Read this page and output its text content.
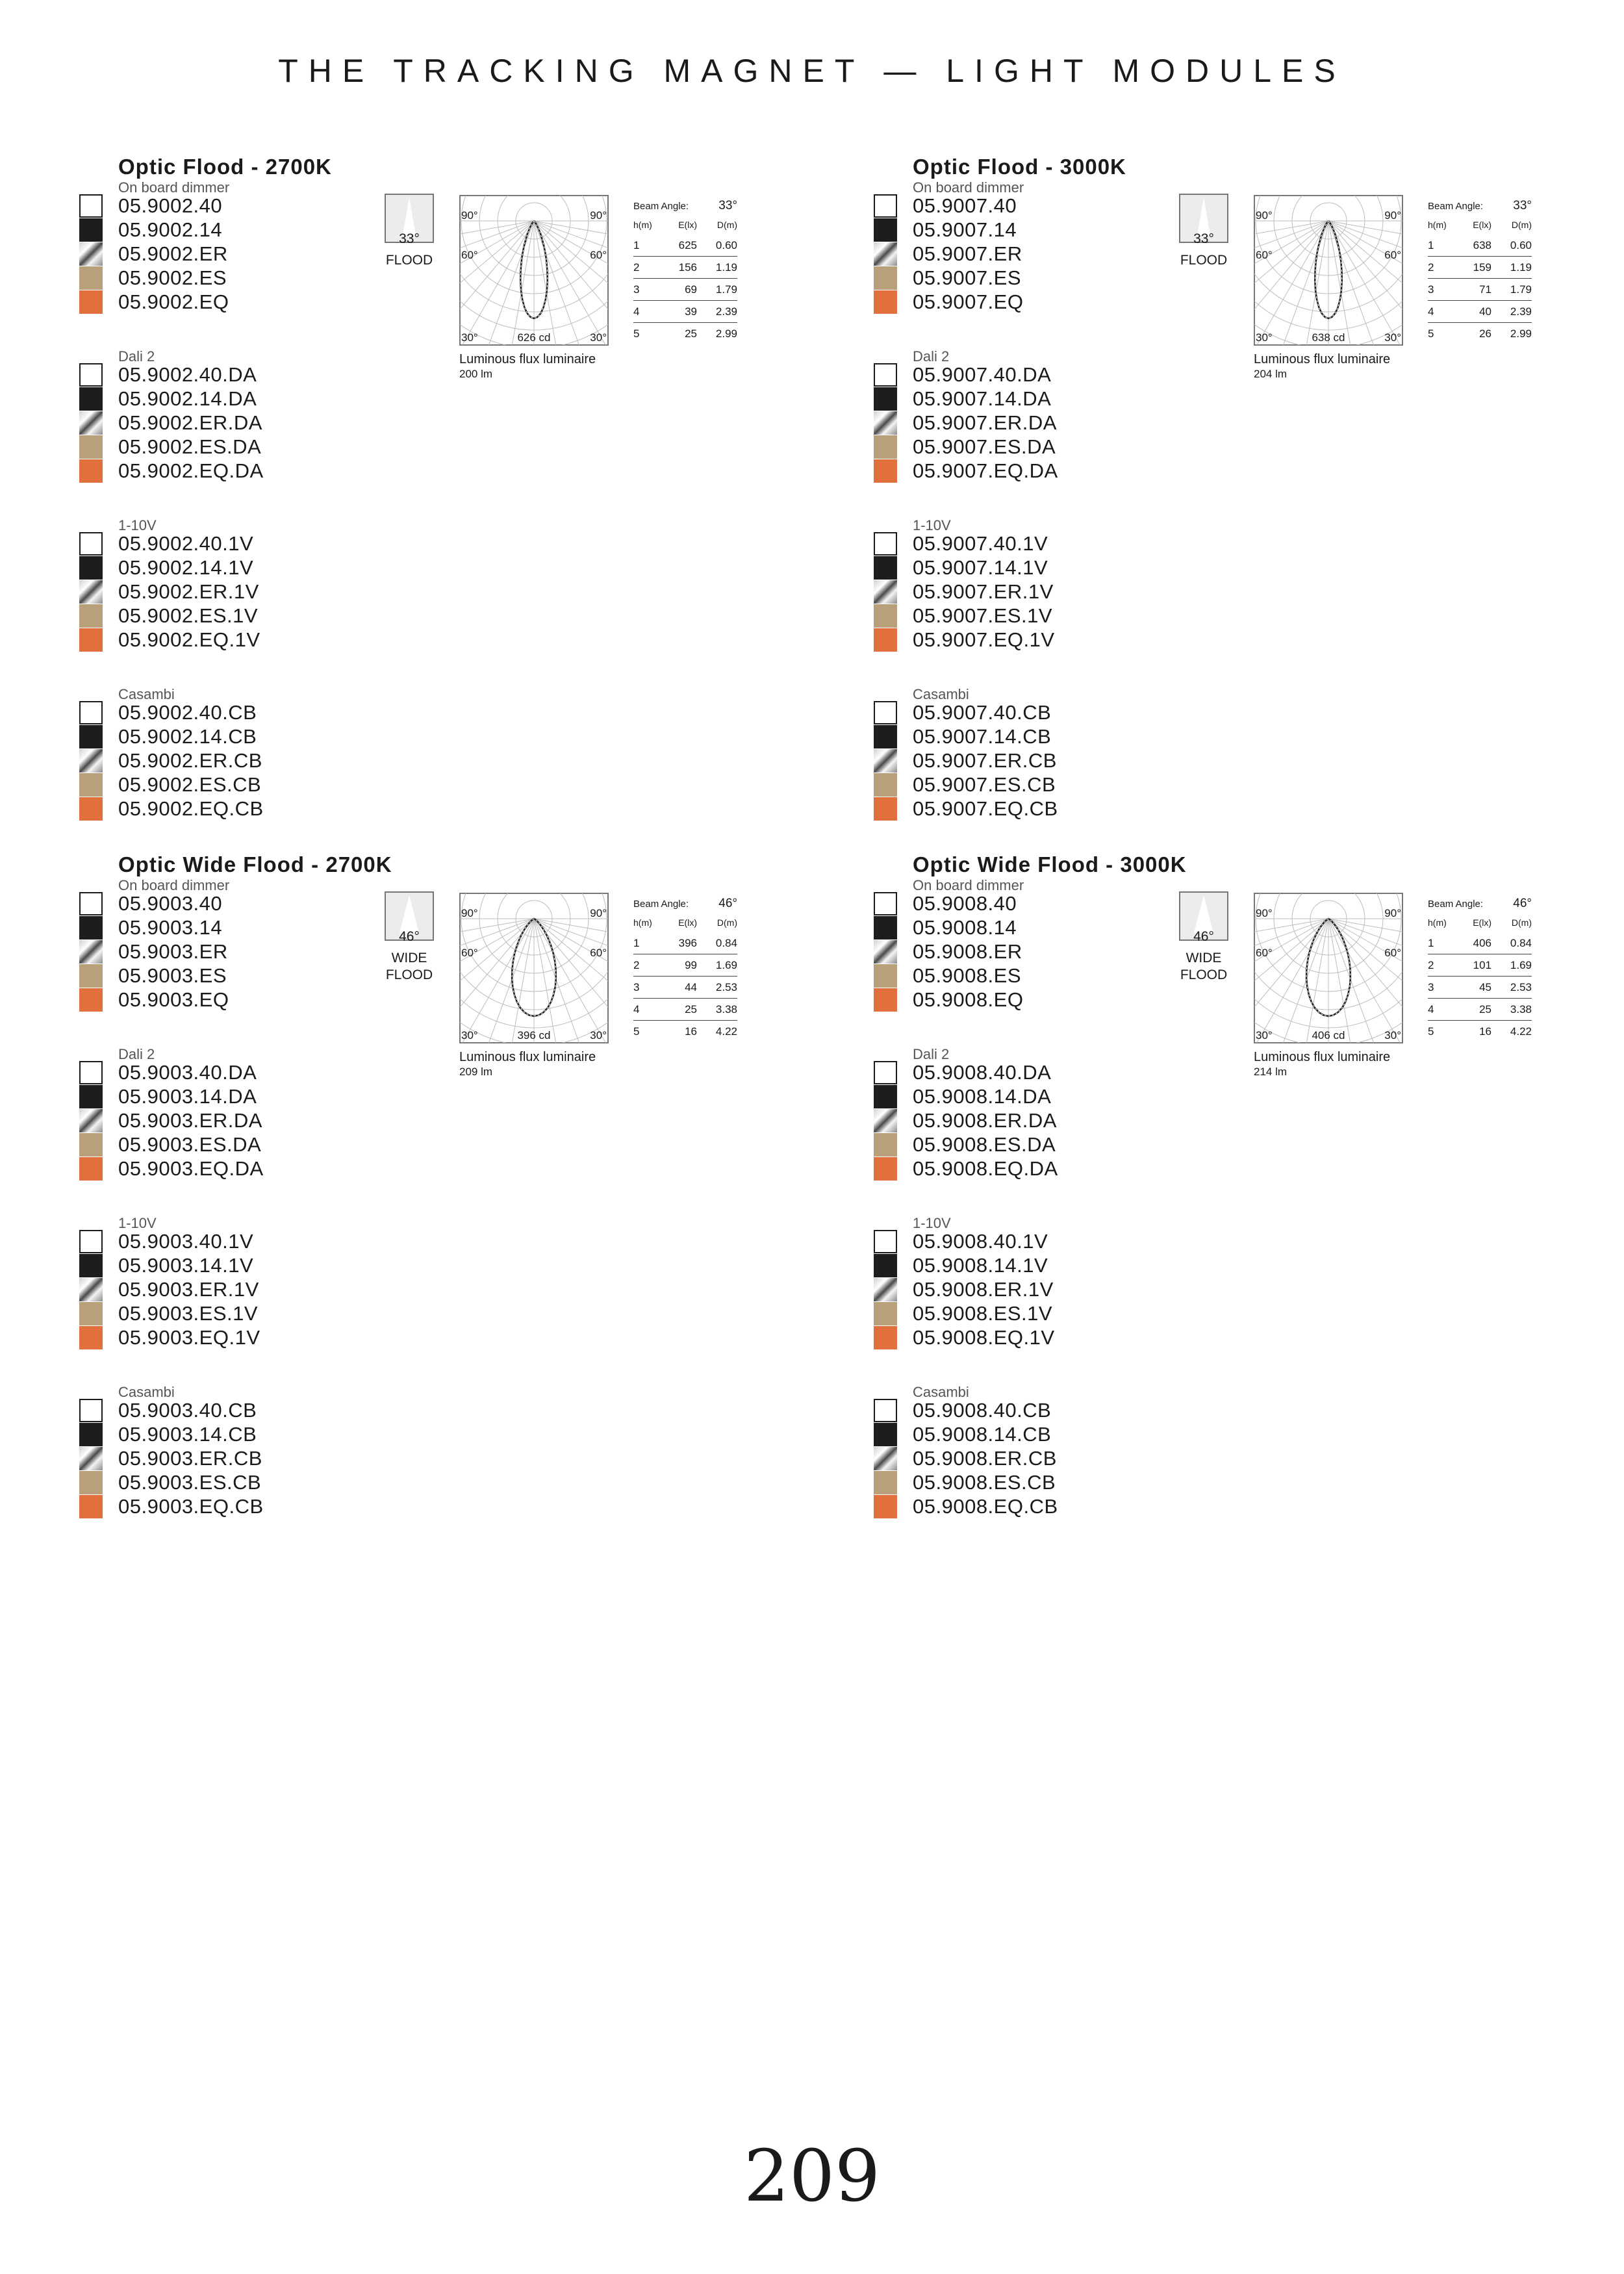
THE TRACKING MAGNET — LIGHT MODULES
Optic Flood - 2700K
On board dimmer
05.9002.40
05.9002.14
05.9002.ER
05.9002.ES
05.9002.EQ
Dali 2
05.9002.40.DA
05.9002.14.DA
05.9002.ER.DA
05.9002.ES.DA
05.9002.EQ.DA
1-10V
05.9002.40.1V
05.9002.14.1V
05.9002.ER.1V
05.9002.ES.1V
05.9002.EQ.1V
Casambi
05.9002.40.CB
05.9002.14.CB
05.9002.ER.CB
05.9002.ES.CB
05.9002.EQ.CB
33°
FLOOD
90°	90°
60°	60°
30°	30°
626 cd
Luminous flux luminaire
200 lm
Beam Angle: 33°
h(m)	E(lx)	D(m)
1	625	0.60
2	156	1.19
3	69	1.79
4	39	2.39
5	25	2.99
Optic Flood - 3000K
On board dimmer
05.9007.40
05.9007.14
05.9007.ER
05.9007.ES
05.9007.EQ
Dali 2
05.9007.40.DA
05.9007.14.DA
05.9007.ER.DA
05.9007.ES.DA
05.9007.EQ.DA
1-10V
05.9007.40.1V
05.9007.14.1V
05.9007.ER.1V
05.9007.ES.1V
05.9007.EQ.1V
Casambi
05.9007.40.CB
05.9007.14.CB
05.9007.ER.CB
05.9007.ES.CB
05.9007.EQ.CB
33°
FLOOD
90°	90°
60°	60°
30°	30°
638 cd
Luminous flux luminaire
204 lm
Beam Angle: 33°
h(m)	E(lx)	D(m)
1	638	0.60
2	159	1.19
3	71	1.79
4	40	2.39
5	26	2.99
Optic Wide Flood - 2700K
On board dimmer
05.9003.40
05.9003.14
05.9003.ER
05.9003.ES
05.9003.EQ
Dali 2
05.9003.40.DA
05.9003.14.DA
05.9003.ER.DA
05.9003.ES.DA
05.9003.EQ.DA
1-10V
05.9003.40.1V
05.9003.14.1V
05.9003.ER.1V
05.9003.ES.1V
05.9003.EQ.1V
Casambi
05.9003.40.CB
05.9003.14.CB
05.9003.ER.CB
05.9003.ES.CB
05.9003.EQ.CB
46°
WIDE
FLOOD
90°	90°
60°	60°
30°	30°
396 cd
Luminous flux luminaire
209 lm
Beam Angle: 46°
h(m)	E(lx)	D(m)
1	396	0.84
2	99	1.69
3	44	2.53
4	25	3.38
5	16	4.22
Optic Wide Flood - 3000K
On board dimmer
05.9008.40
05.9008.14
05.9008.ER
05.9008.ES
05.9008.EQ
Dali 2
05.9008.40.DA
05.9008.14.DA
05.9008.ER.DA
05.9008.ES.DA
05.9008.EQ.DA
1-10V
05.9008.40.1V
05.9008.14.1V
05.9008.ER.1V
05.9008.ES.1V
05.9008.EQ.1V
Casambi
05.9008.40.CB
05.9008.14.CB
05.9008.ER.CB
05.9008.ES.CB
05.9008.EQ.CB
46°
WIDE
FLOOD
90°	90°
60°	60°
30°	30°
406 cd
Luminous flux luminaire
214 lm
Beam Angle: 46°
h(m)	E(lx)	D(m)
1	406	0.84
2	101	1.69
3	45	2.53
4	25	3.38
5	16	4.22
209
